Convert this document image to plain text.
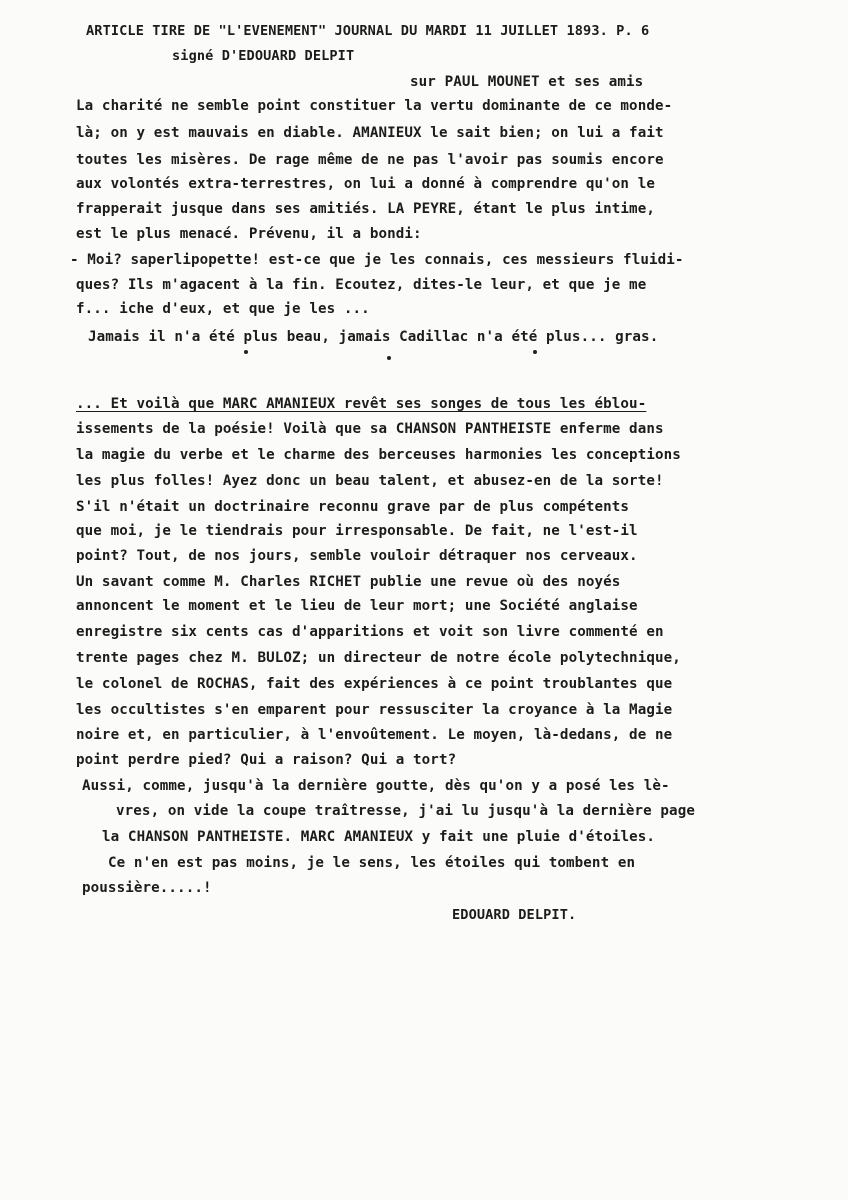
ARTICLE TIRE DE "L'EVENEMENT" JOURNAL DU MARDI 11 JUILLET 1893. P. 6
signé D'EDOUARD DELPIT
sur PAUL MOUNET et ses amis
La charité ne semble point constituer la vertu dominante de ce monde-
là; on y est mauvais en diable. AMANIEUX le sait bien; on lui a fait
toutes les misères. De rage même de ne pas l'avoir pas soumis encore
aux volontés extra-terrestres, on lui a donné à comprendre qu'on le
frapperait jusque dans ses amitiés. LA PEYRE, étant le plus intime,
est le plus menacé. Prévenu, il a bondi:
- Moi? saperlipopette! est-ce que je les connais, ces messieurs fluidi-
ques? Ils m'agacent à la fin. Ecoutez, dites-le leur, et que je me
f... iche d'eux, et que je les ...
Jamais il n'a été plus beau, jamais Cadillac n'a été plus... gras.
... Et voilà que MARC AMANIEUX revêt ses songes de tous les éblou-
issements de la poésie! Voilà que sa CHANSON PANTHEISTE enferme dans
la magie du verbe et le charme des berceuses harmonies les conceptions
les plus folles! Ayez donc un beau talent, et abusez-en de la sorte!
S'il n'était un doctrinaire reconnu grave par de plus compétents
que moi, je le tiendrais pour irresponsable. De fait, ne l'est-il
point? Tout, de nos jours, semble vouloir détraquer nos cerveaux.
Un savant comme M. Charles RICHET publie une revue où des noyés
annoncent le moment et le lieu de leur mort; une Société anglaise
enregistre six cents cas d'apparitions et voit son livre commenté en
trente pages chez M. BULOZ; un directeur de notre école polytechnique,
le colonel de ROCHAS, fait des expériences à ce point troublantes que
les occultistes s'en emparent pour ressusciter la croyance à la Magie
noire et, en particulier, à l'envoûtement. Le moyen, là-dedans, de ne
point perdre pied? Qui a raison? Qui a tort?
Aussi, comme, jusqu'à la dernière goutte, dès qu'on y a posé les lè-
vres, on vide la coupe traîtresse, j'ai lu jusqu'à la dernière page
la CHANSON PANTHEISTE. MARC AMANIEUX y fait une pluie d'étoiles.
Ce n'en est pas moins, je le sens, les étoiles qui tombent en
poussière.....!
EDOUARD DELPIT.
